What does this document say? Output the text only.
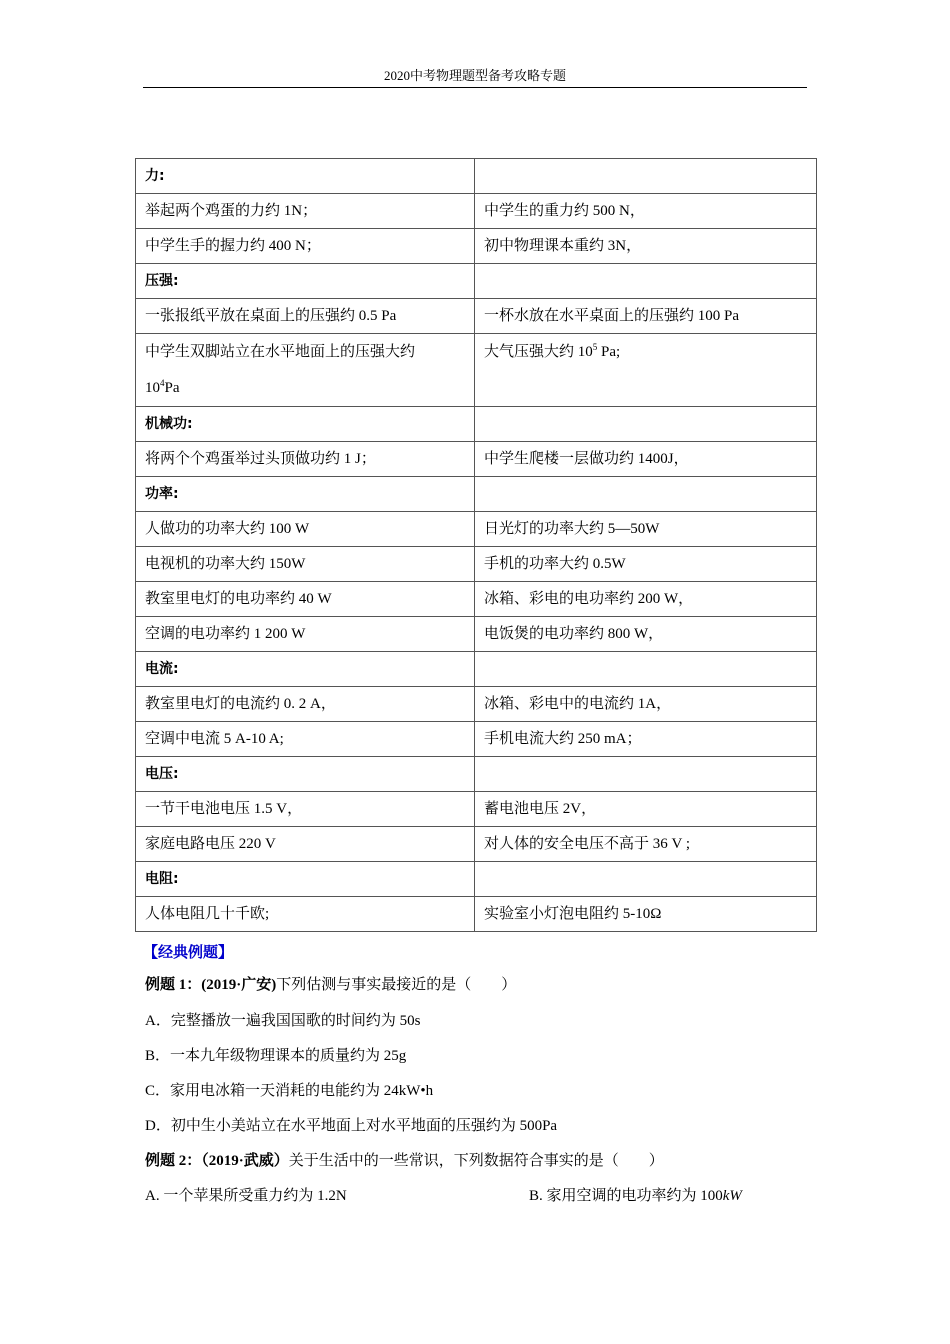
2020中考物理题型备考攻略专题
力:	
举起两个鸡蛋的力约 1N；	中学生的重力约 500 N，
中学生手的握力约 400 N；	初中物理课本重约 3N，
压强:	
一张报纸平放在桌面上的压强约 0.5 Pa	一杯水放在水平桌面上的压强约 100 Pa
中学生双脚站立在水平地面上的压强大约
$10^4Pa$	大气压强大约 $10^5$ Pa;
机械功:	
将两个个鸡蛋举过头顶做功约 1 J；	中学生爬楼一层做功约 1400J，
功率:	
人做功的功率大约 100 W	日光灯的功率大约 5—50W
电视机的功率大约 150W	手机的功率大约 0.5W
教室里电灯的电功率约 40 W	冰箱、彩电的电功率约 200 W，
空调的电功率约 1 200 W	电饭煲的电功率约 800 W，
电流:	
教室里电灯的电流约 0. 2 A，	冰箱、彩电中的电流约 1A，
空调中电流 5 A-10 A;	手机电流大约 250 mA；
电压:	
一节干电池电压 1.5 V，	蓄电池电压 2V，
家庭电路电压 220 V	对人体的安全电压不高于 36 V ;
电阻:	
人体电阻几十千欧;	实验室小灯泡电阻约 5-10Ω
【经典例题】
例题 1：(2019·广安)下列估测与事实最接近的是（　　）
A．完整播放一遍我国国歌的时间约为 50s
B．一本九年级物理课本的质量约为 25g
C．家用电冰箱一天消耗的电能约为 24kW•h
D．初中生小美站立在水平地面上对水平地面的压强约为 500Pa
例题 2：（2019·武威）关于生活中的一些常识，下列数据符合事实的是（　　）
A. 一个苹果所受重力约为 1.2N	B. 家用空调的电功率约为 100kW
